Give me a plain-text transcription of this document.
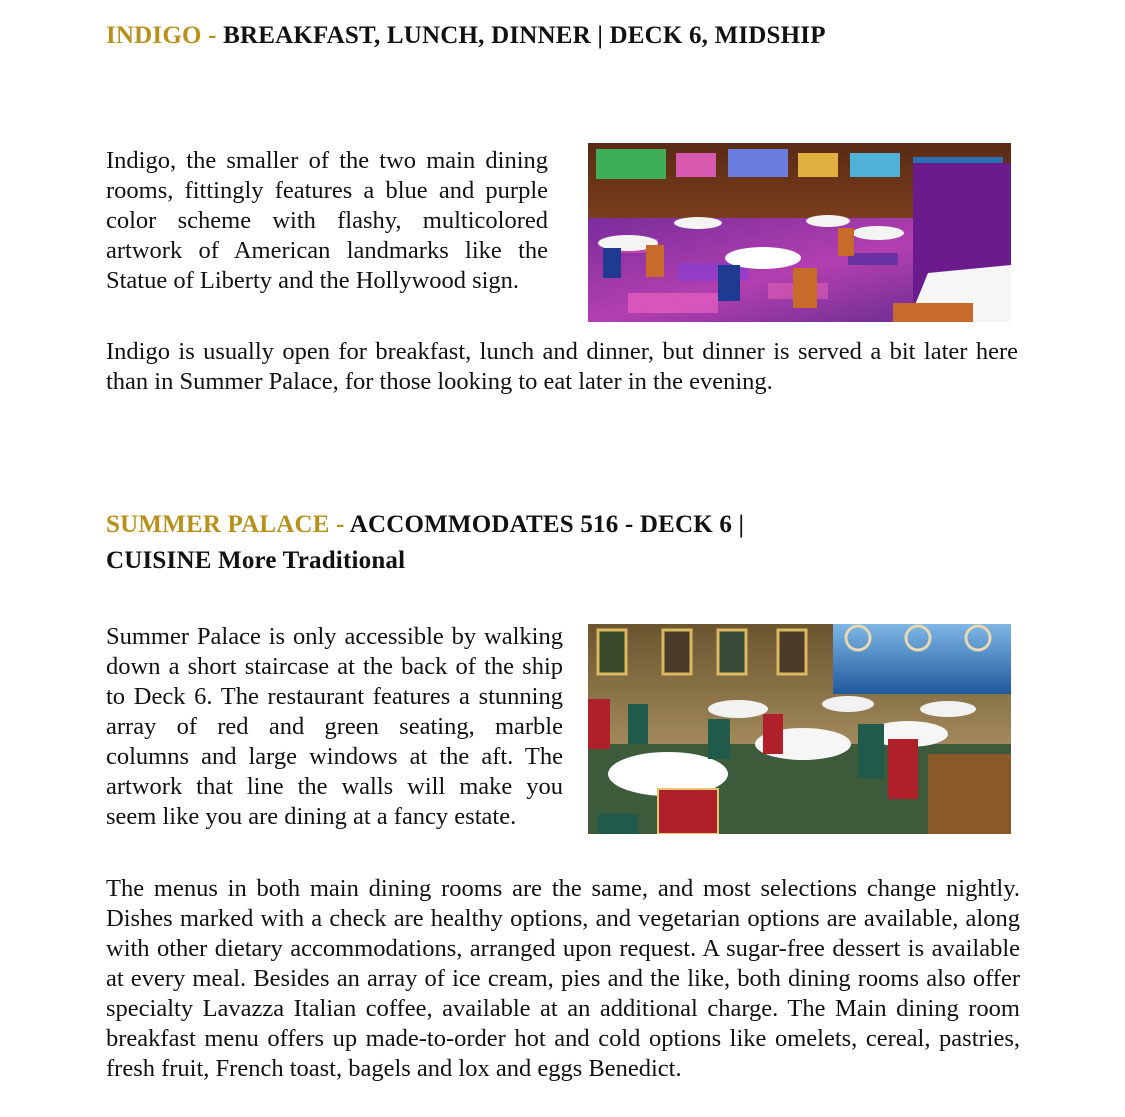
INDIGO - BREAKFAST, LUNCH, DINNER | DECK 6, MIDSHIP

Indigo, the smaller of the two main dining rooms, fittingly features a blue and purple color scheme with flashy, multicolored artwork of American landmarks like the Statue of Liberty and the Hollywood sign.

Indigo is usually open for breakfast, lunch and dinner, but dinner is served a bit later here than in Summer Palace, for those looking to eat later in the evening.

SUMMER PALACE - ACCOMMODATES 516 - DECK 6 |
CUISINE More Traditional

Summer Palace is only accessible by walking down a short staircase at the back of the ship to Deck 6. The restaurant features a stunning array of red and green seating, marble columns and large windows at the aft. The artwork that line the walls will make you seem like you are dining at a fancy estate.

The menus in both main dining rooms are the same, and most selections change nightly. Dishes marked with a check are healthy options, and vegetarian options are available, along with other dietary accommodations, arranged upon request. A sugar-free dessert is available at every meal. Besides an array of ice cream, pies and the like, both dining rooms also offer specialty Lavazza Italian coffee, available at an additional charge. The Main dining room breakfast menu offers up made-to-order hot and cold options like omelets, cereal, pastries, fresh fruit, French toast, bagels and lox and eggs Benedict.
